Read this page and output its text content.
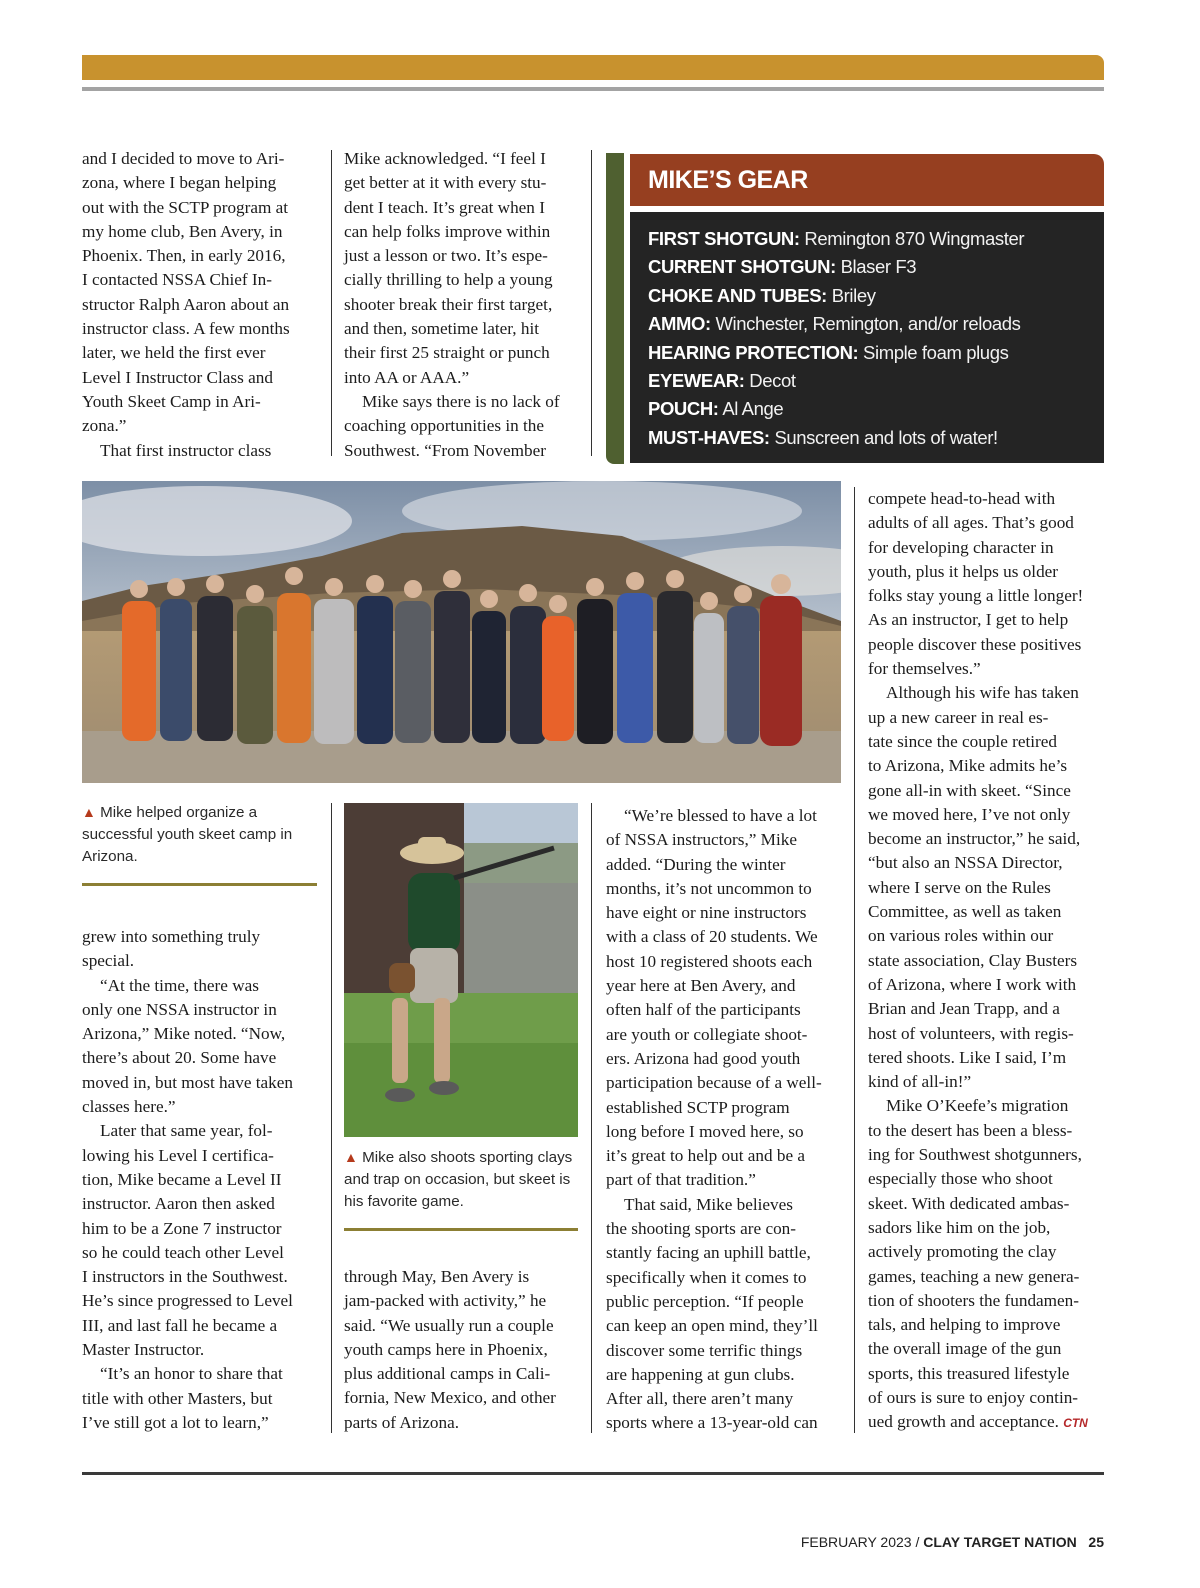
and I decided to move to Ari-

zona, where I began helping

out with the SCTP program at

my home club, Ben Avery, in

Phoenix. Then, in early 2016,

I contacted NSSA Chief In-

structor Ralph Aaron about an

instructor class. A few months

later, we held the first ever

Level I Instructor Class and

Youth Skeet Camp in Ari-

zona.”

That first instructor class

Mike acknowledged. “I feel I

get better at it with every stu-

dent I teach. It’s great when I

can help folks improve within

just a lesson or two. It’s espe-

cially thrilling to help a young

shooter break their first target,

and then, sometime later, hit

their first 25 straight or punch

into AA or AAA.”

Mike says there is no lack of

coaching opportunities in the

Southwest. “From November

MIKE’S GEAR
FIRST SHOTGUN: Remington 870 Wingmaster
CURRENT SHOTGUN: Blaser F3
CHOKE AND TUBES: Briley
AMMO: Winchester, Remington, and/or reloads
HEARING PROTECTION: Simple foam plugs
EYEWEAR: Decot
POUCH: Al Ange
MUST-HAVES: Sunscreen and lots of water!
▲ Mike helped organize a successful youth skeet camp in Arizona.

grew into something truly

special.

“At the time, there was

only one NSSA instructor in

Arizona,” Mike noted. “Now,

there’s about 20. Some have

moved in, but most have taken

classes here.”

Later that same year, fol-

lowing his Level I certifica-

tion, Mike became a Level II

instructor. Aaron then asked

him to be a Zone 7 instructor

so he could teach other Level

I instructors in the Southwest.

He’s since progressed to Level

III, and last fall he became a

Master Instructor.

“It’s an honor to share that

title with other Masters, but

I’ve still got a lot to learn,”

▲ Mike also shoots sporting clays and trap on occasion, but skeet is his favorite game.

through May, Ben Avery is

jam-packed with activity,” he

said. “We usually run a couple

youth camps here in Phoenix,

plus additional camps in Cali-

fornia, New Mexico, and other

parts of Arizona.

“We’re blessed to have a lot

of NSSA instructors,” Mike

added. “During the winter

months, it’s not uncommon to

have eight or nine instructors

with a class of 20 students. We

host 10 registered shoots each

year here at Ben Avery, and

often half of the participants

are youth or collegiate shoot-

ers. Arizona had good youth

participation because of a well-

established SCTP program

long before I moved here, so

it’s great to help out and be a

part of that tradition.”

That said, Mike believes

the shooting sports are con-

stantly facing an uphill battle,

specifically when it comes to

public perception. “If people

can keep an open mind, they’ll

discover some terrific things

are happening at gun clubs.

After all, there aren’t many

sports where a 13-year-old can

compete head-to-head with

adults of all ages. That’s good

for developing character in

youth, plus it helps us older

folks stay young a little longer!

As an instructor, I get to help

people discover these positives

for themselves.”

Although his wife has taken

up a new career in real es-

tate since the couple retired

to Arizona, Mike admits he’s

gone all-in with skeet. “Since

we moved here, I’ve not only

become an instructor,” he said,

“but also an NSSA Director,

where I serve on the Rules

Committee, as well as taken

on various roles within our

state association, Clay Busters

of Arizona, where I work with

Brian and Jean Trapp, and a

host of volunteers, with regis-

tered shoots. Like I said, I’m

kind of all-in!”

Mike O’Keefe’s migration

to the desert has been a bless-

ing for Southwest shotgunners,

especially those who shoot

skeet. With dedicated ambas-

sadors like him on the job,

actively promoting the clay

games, teaching a new genera-

tion of shooters the fundamen-

tals, and helping to improve

the overall image of the gun

sports, this treasured lifestyle

of ours is sure to enjoy contin-

ued growth and acceptance. CTN

FEBRUARY 2023 / CLAY TARGET NATION 25
